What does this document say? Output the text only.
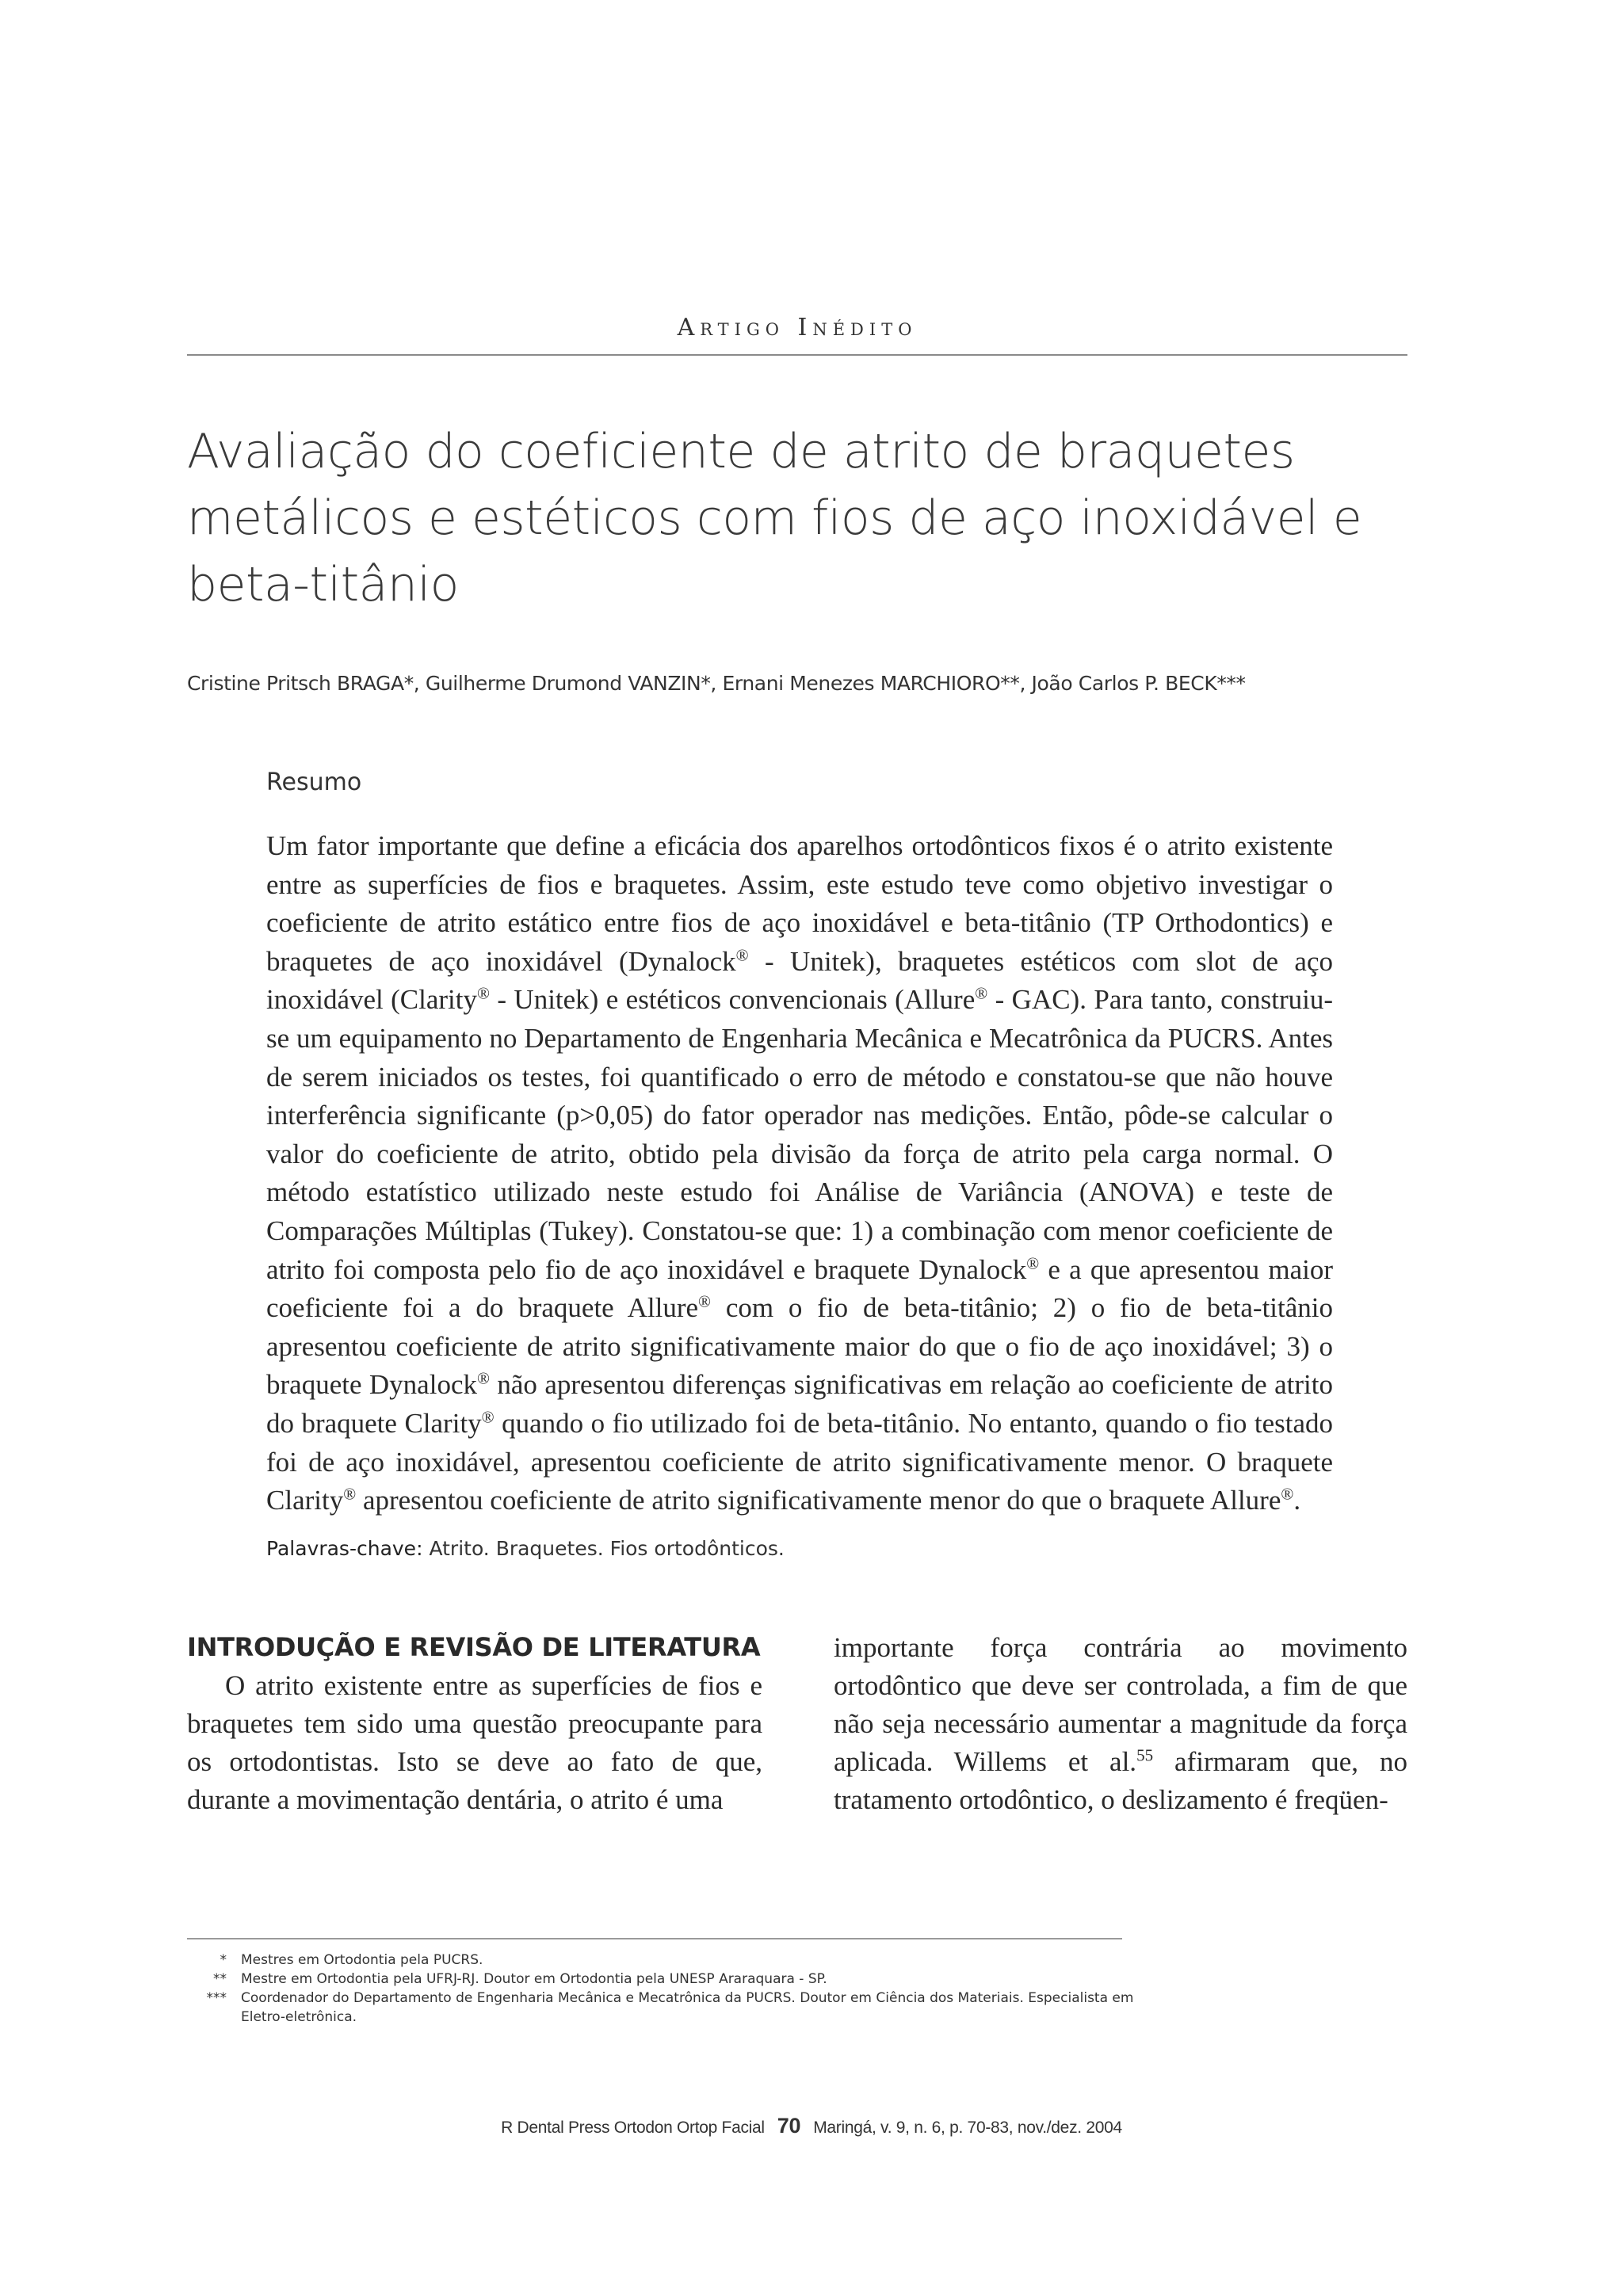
Artigo Inédito
Avaliação do coeficiente de atrito de braquetes metálicos e estéticos com fios de aço inoxidável e beta-titânio
Cristine Pritsch BRAGA*, Guilherme Drumond VANZIN*, Ernani Menezes MARCHIORO**, João Carlos P. BECK***
Resumo
Um fator importante que define a eficácia dos aparelhos ortodônticos fixos é o atrito existente entre as superfícies de fios e braquetes. Assim, este estudo teve como objetivo investigar o coeficiente de atrito estático entre fios de aço inoxidável e beta-titânio (TP Orthodontics) e braquetes de aço inoxidável (Dynalock® - Unitek), braquetes estéticos com slot de aço inoxidável (Clarity® - Unitek) e estéticos convencionais (Allure® - GAC). Para tanto, construiu-se um equipamento no Departamento de Engenharia Mecânica e Mecatrônica da PUCRS. Antes de serem iniciados os testes, foi quantificado o erro de método e constatou-se que não houve interferência significante (p>0,05) do fator operador nas medições. Então, pôde-se calcular o valor do coeficiente de atrito, obtido pela divisão da força de atrito pela carga normal. O método estatístico utilizado neste estudo foi Análise de Variância (ANOVA) e teste de Comparações Múltiplas (Tukey). Constatou-se que: 1) a combinação com menor coeficiente de atrito foi composta pelo fio de aço inoxidável e braquete Dynalock® e a que apresentou maior coeficiente foi a do braquete Allure® com o fio de beta-titânio; 2) o fio de beta-titânio apresentou coeficiente de atrito significativamente maior do que o fio de aço inoxidável; 3) o braquete Dynalock® não apresentou diferenças significativas em relação ao coeficiente de atrito do braquete Clarity® quando o fio utilizado foi de beta-titânio. No entanto, quando o fio testado foi de aço inoxidável, apresentou coeficiente de atrito significativamente menor. O braquete Clarity® apresentou coeficiente de atrito significativamente menor do que o braquete Allure®.
Palavras-chave: Atrito. Braquetes. Fios ortodônticos.
INTRODUÇÃO E REVISÃO DE LITERATURA

O atrito existente entre as superfícies de fios e braquetes tem sido uma questão preocupante para os ortodontistas. Isto se deve ao fato de que, durante a movimentação dentária, o atrito é uma

importante força contrária ao movimento ortodôntico que deve ser controlada, a fim de que não seja necessário aumentar a magnitude da força aplicada. Willems et al.$^{55}$ afirmaram que, no tratamento ortodôntico, o deslizamento é freqüen-

*	Mestres em Ortodontia pela PUCRS.
**	Mestre em Ortodontia pela UFRJ-RJ. Doutor em Ortodontia pela UNESP Araraquara - SP.
***	Coordenador do Departamento de Engenharia Mecânica e Mecatrônica da PUCRS. Doutor em Ciência dos Materiais. Especialista em Eletro-eletrônica.
R Dental Press Ortodon Ortop Facial 70 Maringá, v. 9, n. 6, p. 70-83, nov./dez. 2004
